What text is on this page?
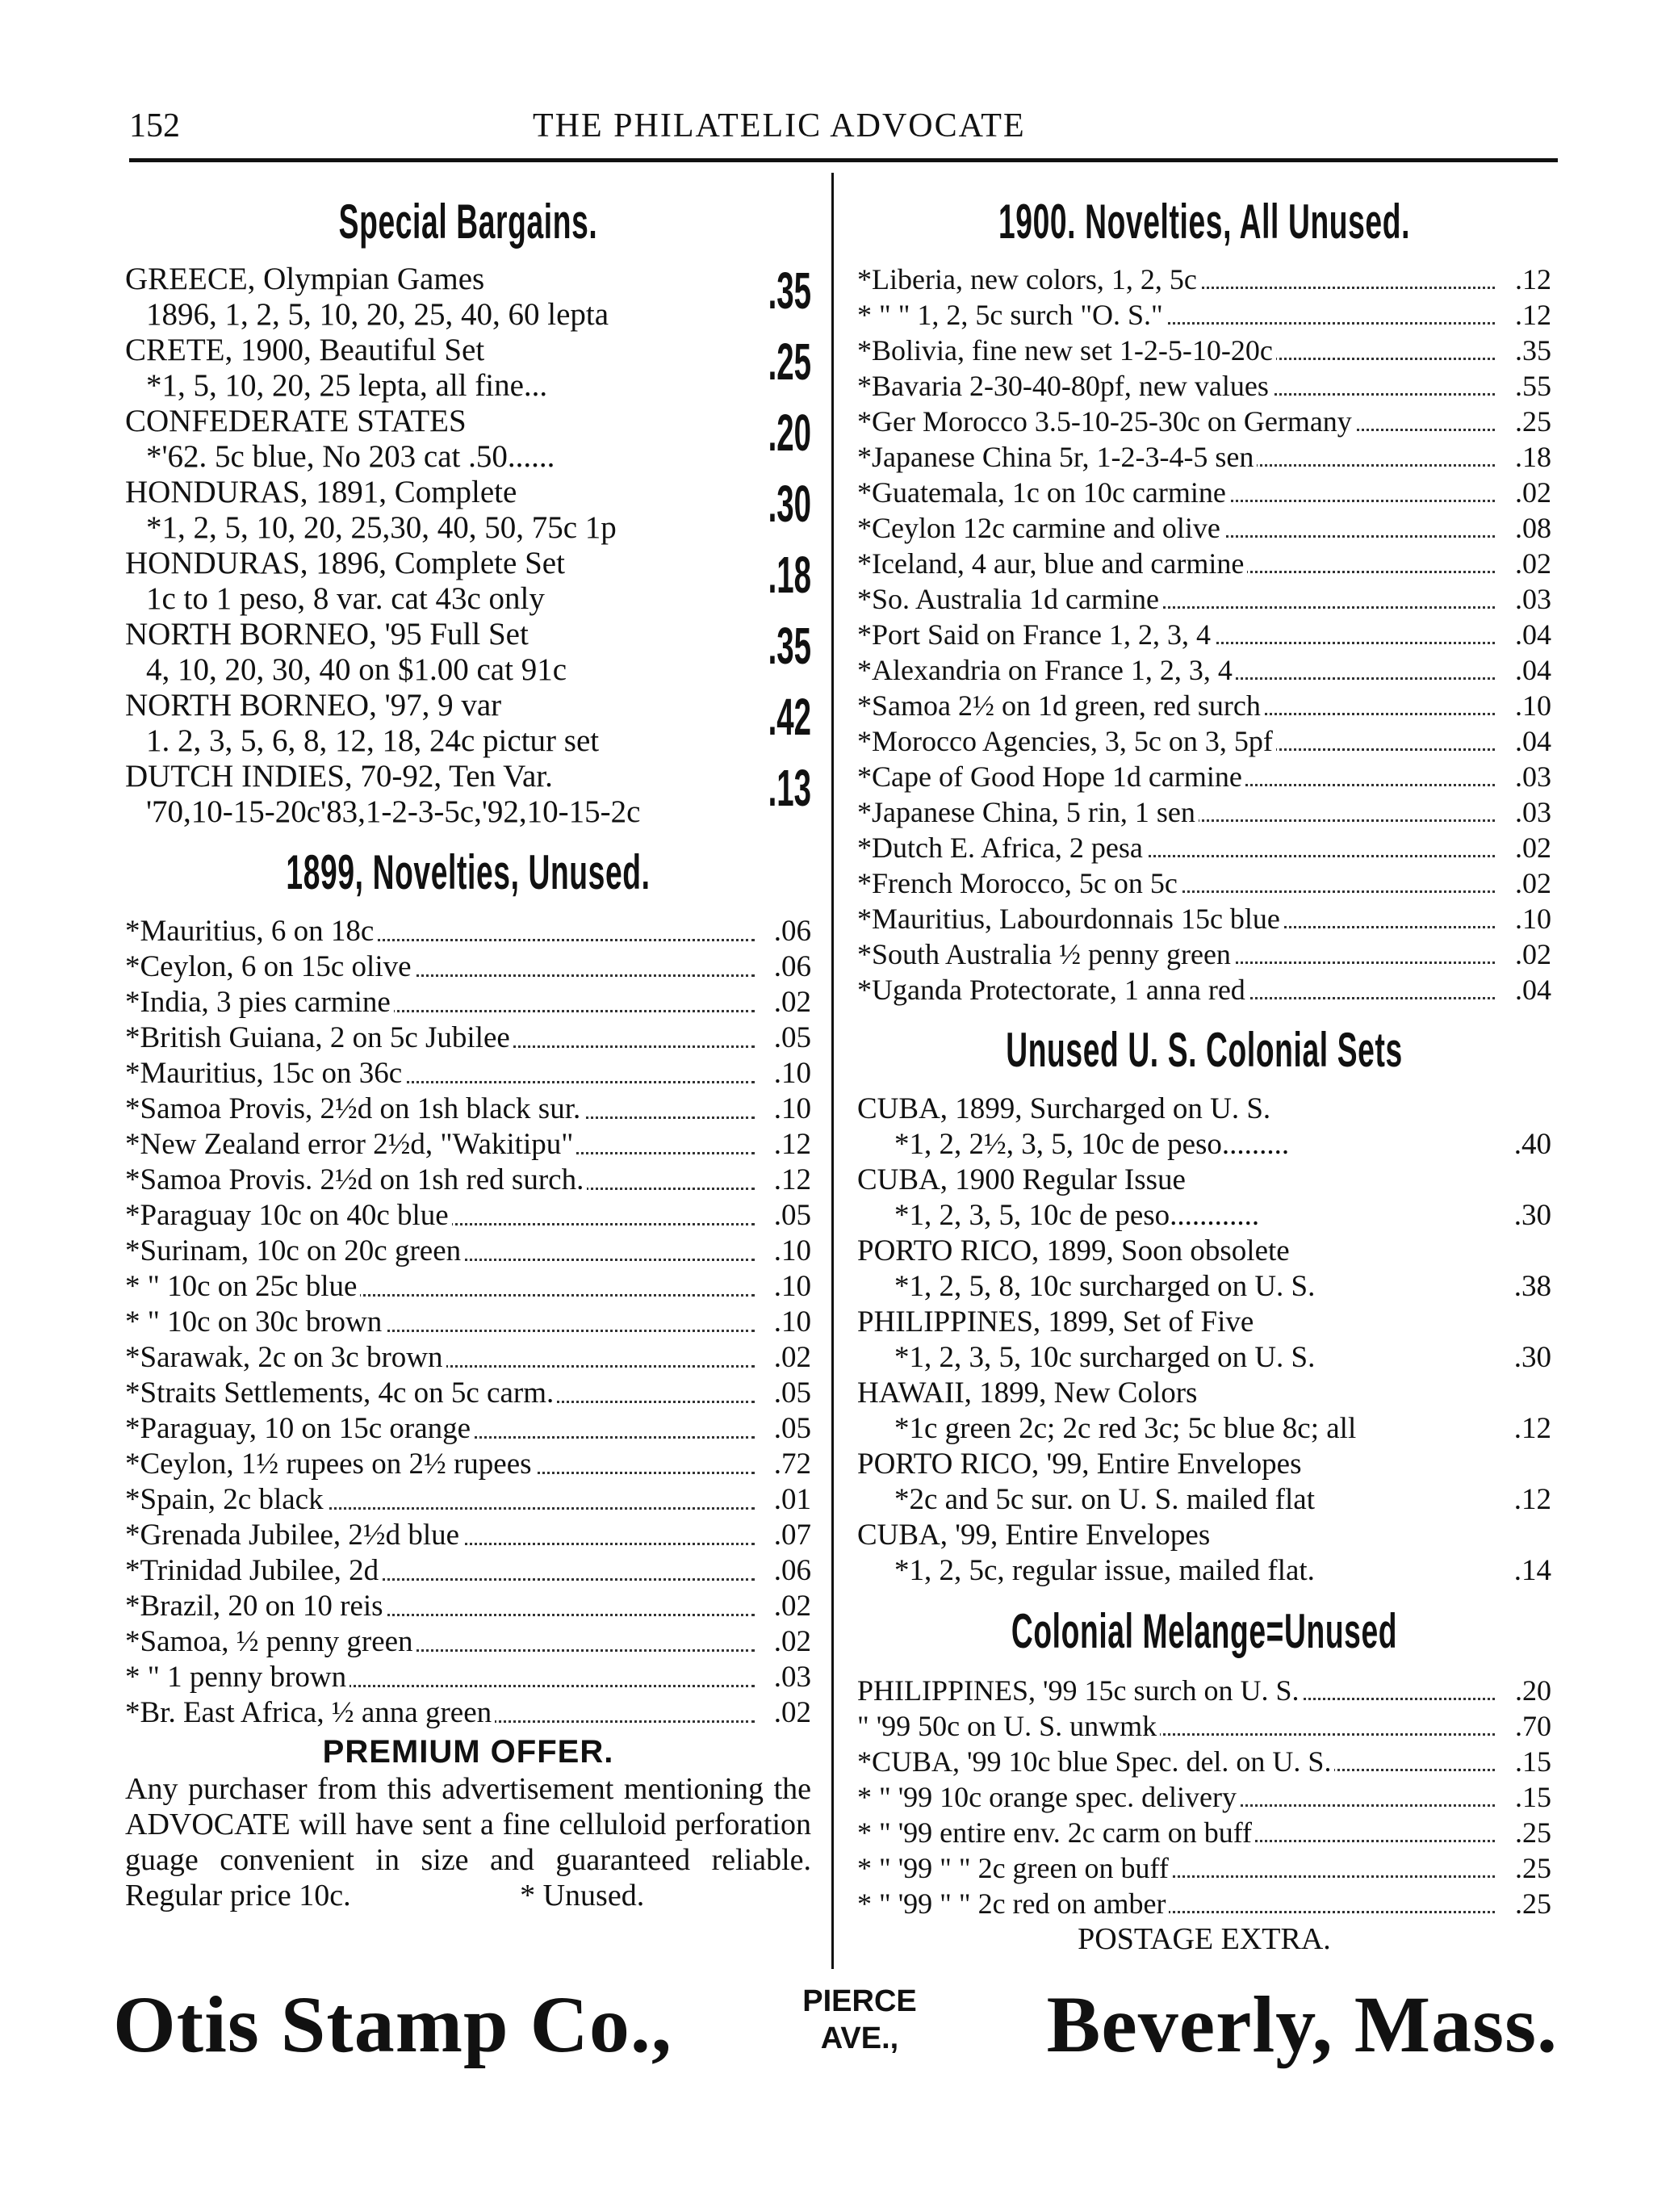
152	THE PHILATELIC ADVOCATE
Special Bargains.
GREECE, Olympian Games
1896, 1, 2, 5, 10, 20, 25, 40, 60 lepta	.35
CRETE, 1900, Beautiful Set
*1, 5, 10, 20, 25 lepta, all fine...	.25
CONFEDERATE STATES
*'62. 5c blue, No 203 cat .50......	.20
HONDURAS, 1891, Complete
*1, 2, 5, 10, 20, 25,30, 40, 50, 75c 1p	.30
HONDURAS, 1896, Complete Set
1c to 1 peso, 8 var. cat 43c only	.18
NORTH BORNEO, '95 Full Set
4, 10, 20, 30, 40 on $1.00 cat 91c	.35
NORTH BORNEO, '97, 9 var
1. 2, 3, 5, 6, 8, 12, 18, 24c pictur set	.42
DUTCH INDIES, 70-92, Ten Var.
'70,10-15-20c'83,1-2-3-5c,'92,10-15-2c	.13
1899, Novelties, Unused.
*Mauritius, 6 on 18c	.06
*Ceylon, 6 on 15c olive	.06
*India, 3 pies carmine	.02
*British Guiana, 2 on 5c Jubilee	.05
*Mauritius, 15c on 36c	.10
*Samoa Provis, 2½d on 1sh black sur.	.10
*New Zealand error 2½d, "Wakitipu"	.12
*Samoa Provis. 2½d on 1sh red surch.	.12
*Paraguay 10c on 40c blue	.05
*Surinam, 10c on 20c green	.10
* " 10c on 25c blue	.10
* " 10c on 30c brown	.10
*Sarawak, 2c on 3c brown	.02
*Straits Settlements, 4c on 5c carm.	.05
*Paraguay, 10 on 15c orange	.05
*Ceylon, 1½ rupees on 2½ rupees	.72
*Spain, 2c black	.01
*Grenada Jubilee, 2½d blue	.07
*Trinidad Jubilee, 2d	.06
*Brazil, 20 on 10 reis	.02
*Samoa, ½ penny green	.02
* " 1 penny brown	.03
*Br. East Africa, ½ anna green	.02
PREMIUM OFFER.
Any purchaser from this advertisement mentioning the ADVOCATE will have sent a fine celluloid perforation guage convenient in size and guaranteed reliable. Regular price 10c.	* Unused.
1900. Novelties, All Unused.
*Liberia, new colors, 1, 2, 5c	.12
* " " 1, 2, 5c surch "O. S."	.12
*Bolivia, fine new set 1-2-5-10-20c	.35
*Bavaria 2-30-40-80pf, new values	.55
*Ger Morocco 3.5-10-25-30c on Germany	.25
*Japanese China 5r, 1-2-3-4-5 sen	.18
*Guatemala, 1c on 10c carmine	.02
*Ceylon 12c carmine and olive	.08
*Iceland, 4 aur, blue and carmine	.02
*So. Australia 1d carmine	.03
*Port Said on France 1, 2, 3, 4	.04
*Alexandria on France 1, 2, 3, 4	.04
*Samoa 2½ on 1d green, red surch	.10
*Morocco Agencies, 3, 5c on 3, 5pf	.04
*Cape of Good Hope 1d carmine	.03
*Japanese China, 5 rin, 1 sen	.03
*Dutch E. Africa, 2 pesa	.02
*French Morocco, 5c on 5c	.02
*Mauritius, Labourdonnais 15c blue	.10
*South Australia ½ penny green	.02
*Uganda Protectorate, 1 anna red	.04
Unused U. S. Colonial Sets
CUBA, 1899, Surcharged on U. S.
*1, 2, 2½, 3, 5, 10c de peso.........	.40
CUBA, 1900 Regular Issue
*1, 2, 3, 5, 10c de peso............	.30
PORTO RICO, 1899, Soon obsolete
*1, 2, 5, 8, 10c surcharged on U. S.	.38
PHILIPPINES, 1899, Set of Five
*1, 2, 3, 5, 10c surcharged on U. S.	.30
HAWAII, 1899, New Colors
*1c green 2c; 2c red 3c; 5c blue 8c; all	.12
PORTO RICO, '99, Entire Envelopes
*2c and 5c sur. on U. S. mailed flat	.12
CUBA, '99, Entire Envelopes
*1, 2, 5c, regular issue, mailed flat.	.14
Colonial Melange=Unused
PHILIPPINES, '99 15c surch on U. S.	.20
" '99 50c on U. S. unwmk	.70
*CUBA, '99 10c blue Spec. del. on U. S.	.15
* " '99 10c orange spec. delivery	.15
* " '99 entire env. 2c carm on buff	.25
* " '99 " " 2c green on buff	.25
* " '99 " " 2c red on amber	.25
POSTAGE EXTRA.
Otis Stamp Co.,	PIERCE
AVE.,	Beverly, Mass.
